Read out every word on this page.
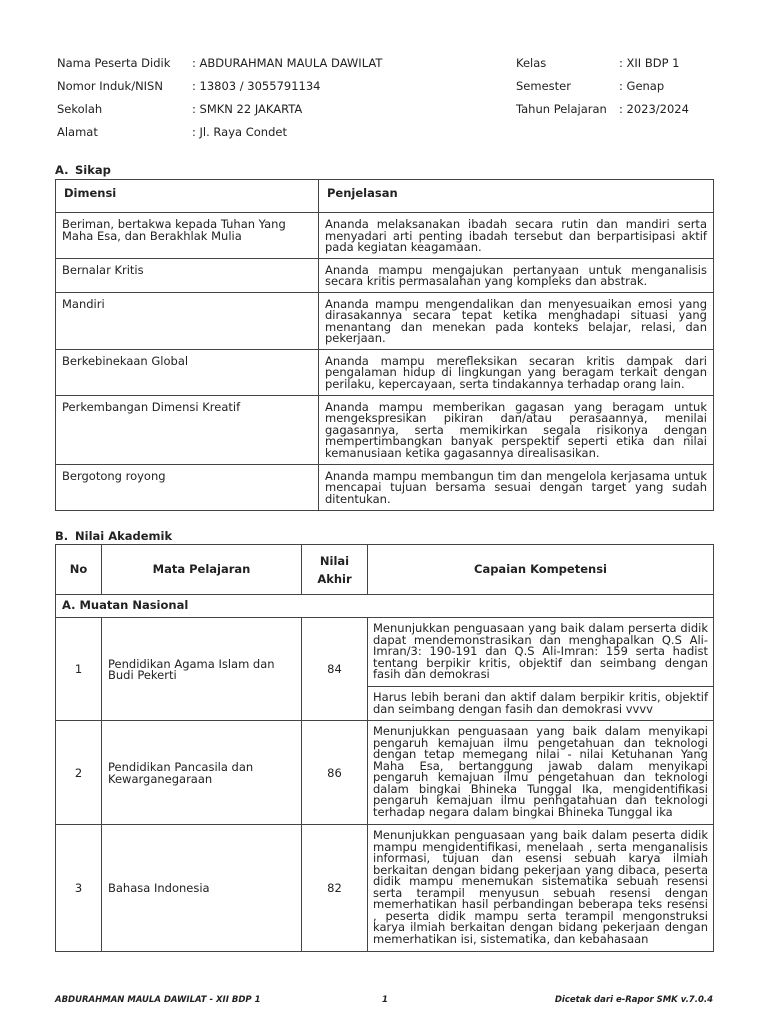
Nama Peserta Didik : ABDURAHMAN MAULA DAWILAT	Kelas	: XII BDP 1
Nomor Induk/NISN	: 13803 / 3055791134	Semester	: Genap
Sekolah	: SMKN 22 JAKARTA	Tahun Pelajaran : 2023/2024
Alamat	: Jl. Raya Condet
A. Sikap
Dimensi	Penjelasan
Beriman, bertakwa kepada Tuhan Yang Maha Esa, dan Berakhlak Mulia	Ananda melaksanakan ibadah secara rutin dan mandiri serta menyadari arti penting ibadah tersebut dan berpartisipasi aktif pada kegiatan keagamaan.
Bernalar Kritis	Ananda mampu mengajukan pertanyaan untuk menganalisis secara kritis permasalahan yang kompleks dan abstrak.
Mandiri	Ananda mampu mengendalikan dan menyesuaikan emosi yang dirasakannya secara tepat ketika menghadapi situasi yang menantang dan menekan pada konteks belajar, relasi, dan pekerjaan.
Berkebinekaan Global	Ananda mampu merefleksikan secaran kritis dampak dari pengalaman hidup di lingkungan yang beragam terkait dengan perilaku, kepercayaan, serta tindakannya terhadap orang lain.
Perkembangan Dimensi Kreatif	Ananda mampu memberikan gagasan yang beragam untuk mengekspresikan pikiran dan/atau perasaannya, menilai gagasannya, serta memikirkan segala risikonya dengan mempertimbangkan banyak perspektif seperti etika dan nilai kemanusiaan ketika gagasannya direalisasikan.
Bergotong royong	Ananda mampu membangun tim dan mengelola kerjasama untuk mencapai tujuan bersama sesuai dengan target yang sudah ditentukan.
B. Nilai Akademik
No	Mata Pelajaran	Nilai Akhir	Capaian Kompetensi
A. Muatan Nasional			
1	Pendidikan Agama Islam dan Budi Pekerti	84	Menunjukkan penguasaan yang baik dalam perserta didik dapat mendemonstrasikan dan menghapalkan Q.S Ali-Imran/3: 190-191 dan Q.S Ali-Imran: 159 serta hadist tentang berpikir kritis, objektif dan seimbang dengan fasih dan demokrasi
			Harus lebih berani dan aktif dalam berpikir kritis, objektif dan seimbang dengan fasih dan demokrasi vvvv
2	Pendidikan Pancasila dan Kewarganegaraan	86	Menunjukkan penguasaan yang baik dalam menyikapi pengaruh kemajuan ilmu pengetahuan dan teknologi dengan tetap memegang nilai - nilai Ketuhanan Yang Maha Esa, bertanggung jawab dalam menyikapi pengaruh kemajuan ilmu pengetahuan dan teknologi dalam bingkai Bhineka Tunggal Ika, mengidentifikasi pengaruh kemajuan ilmu penhgatahuan dan teknologi terhadap negara dalam bingkai Bhineka Tunggal ika
3	Bahasa Indonesia	82	Menunjukkan penguasaan yang baik dalam peserta didik mampu mengidentifikasi, menelaah , serta menganalisis informasi, tujuan dan esensi sebuah karya ilmiah berkaitan dengan bidang pekerjaan yang dibaca, peserta didik mampu menemukan sistematika sebuah resensi serta terampil menyusun sebuah resensi dengan memerhatikan hasil perbandingan beberapa teks resensi , peserta didik mampu serta terampil mengonstruksi karya ilmiah berkaitan dengan bidang pekerjaan dengan memerhatikan isi, sistematika, dan kebahasaan
ABDURAHMAN MAULA DAWILAT - XII BDP 1	1	Dicetak dari e-Rapor SMK v.7.0.4
